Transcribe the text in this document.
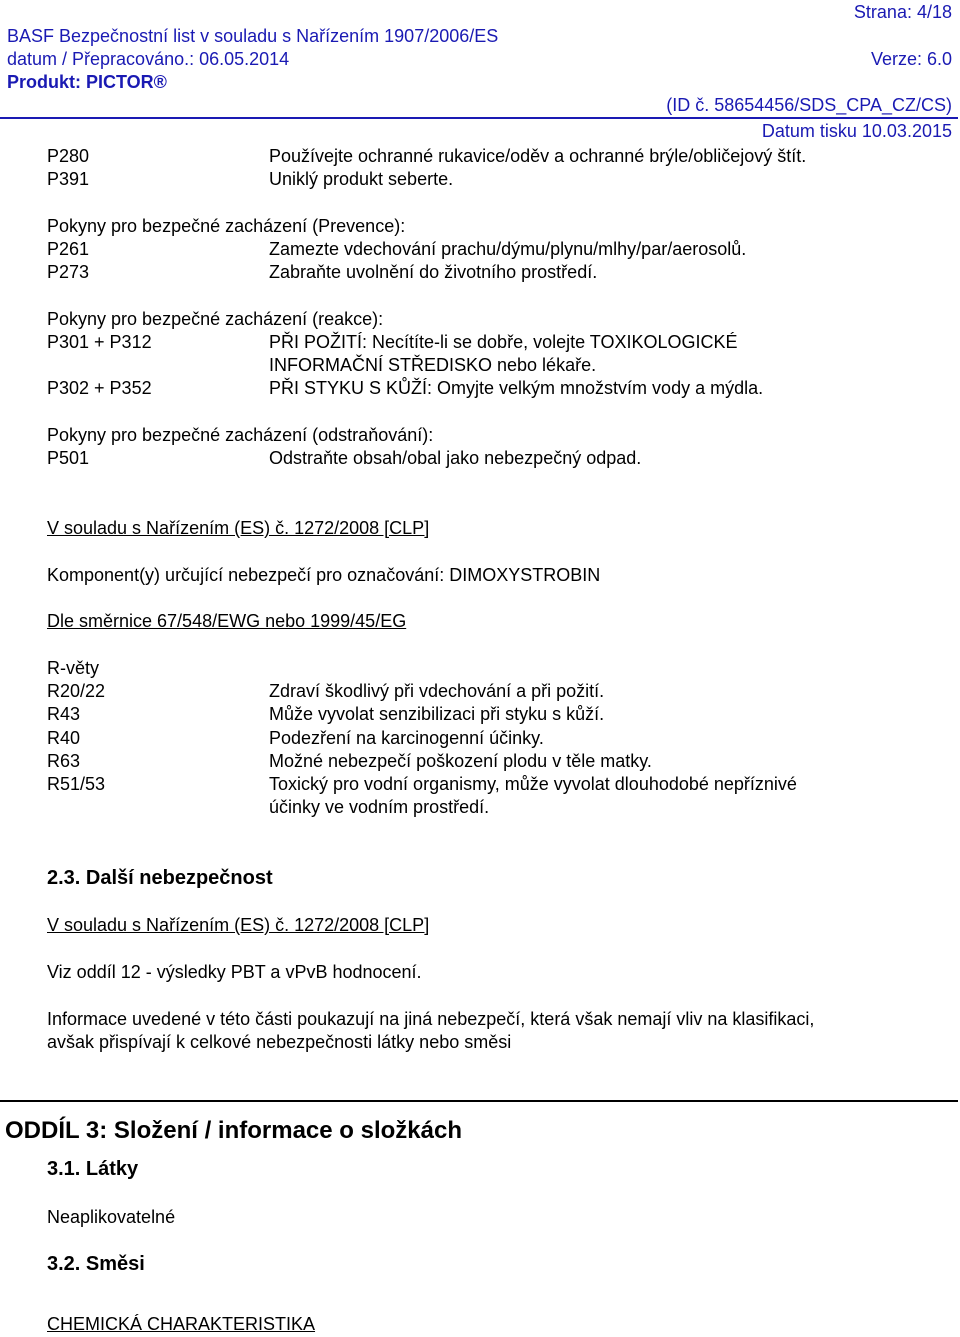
Strana: 4/18
BASF Bezpečnostní list v souladu s Nařízením 1907/2006/ES
datum / Přepracováno.: 06.05.2014	Verze: 6.0
Produkt: PICTOR®
(ID č. 58654456/SDS_CPA_CZ/CS)
Datum tisku 10.03.2015
P280	Používejte ochranné rukavice/oděv a ochranné brýle/obličejový štít.
P391	Uniklý produkt seberte.
Pokyny pro bezpečné zacházení (Prevence):
P261	Zamezte vdechování prachu/dýmu/plynu/mlhy/par/aerosolů.
P273	Zabraňte uvolnění do životního prostředí.
Pokyny pro bezpečné zacházení (reakce):
P301 + P312	PŘI POŽITÍ: Necítíte-li se dobře, volejte TOXIKOLOGICKÉ
INFORMAČNÍ STŘEDISKO nebo lékaře.
P302 + P352	PŘI STYKU S KŮŽÍ: Omyjte velkým množstvím vody a mýdla.
Pokyny pro bezpečné zacházení (odstraňování):
P501	Odstraňte obsah/obal jako nebezpečný odpad.
V souladu s Nařízením (ES) č. 1272/2008 [CLP]
Komponent(y) určující nebezpečí pro označování: DIMOXYSTROBIN
Dle směrnice 67/548/EWG nebo 1999/45/EG
R-věty
R20/22	Zdraví škodlivý při vdechování a při požití.
R43	Může vyvolat senzibilizaci při styku s kůží.
R40	Podezření na karcinogenní účinky.
R63	Možné nebezpečí poškození plodu v těle matky.
R51/53	Toxický pro vodní organismy, může vyvolat dlouhodobé nepříznivé
účinky ve vodním prostředí.
2.3. Další nebezpečnost
V souladu s Nařízením (ES) č. 1272/2008 [CLP]
Viz oddíl 12 - výsledky PBT a vPvB hodnocení.
Informace uvedené v této části poukazují na jiná nebezpečí, která však nemají vliv na klasifikaci,
avšak přispívají k celkové nebezpečnosti látky nebo směsi
ODDÍL 3: Složení / informace o složkách
3.1. Látky
Neaplikovatelné
3.2. Směsi
CHEMICKÁ CHARAKTERISTIKA
